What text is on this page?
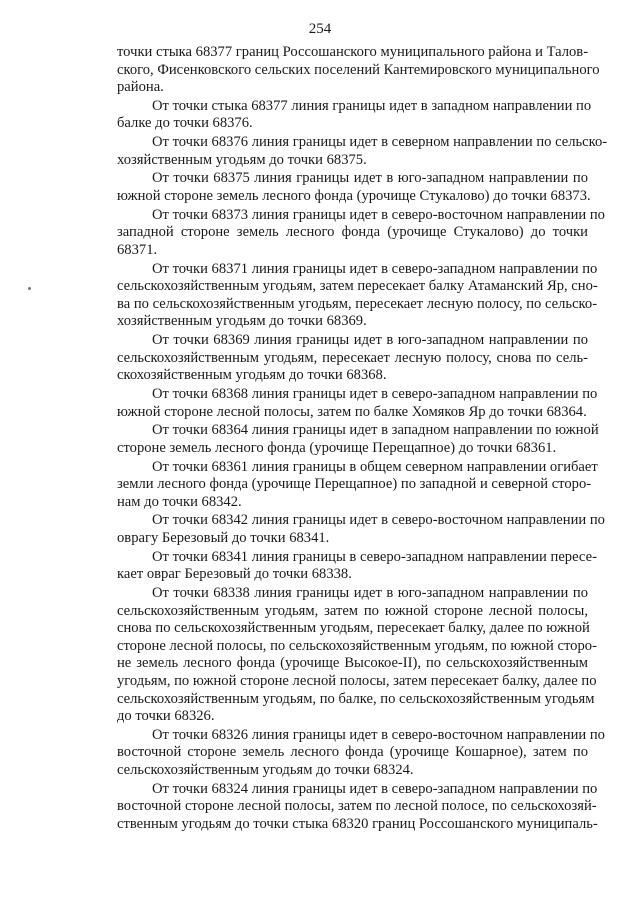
254

точки стыка 68377 границ Россошанского муниципального района и Талов-
ского, Фисенковского сельских поселений Кантемировского муниципального
района.

От точки стыка 68377 линия границы идет в западном направлении по
балке до точки 68376.

От точки 68376 линия границы идет в северном направлении по сельско-
хозяйственным угодьям до точки 68375.

От точки 68375 линия границы идет в юго-западном направлении по
южной стороне земель лесного фонда (урочище Стукалово) до точки 68373.

От точки 68373 линия границы идет в северо-восточном направлении по
западной стороне земель лесного фонда (урочище Стукалово) до точки
68371.

От точки 68371 линия границы идет в северо-западном направлении по
сельскохозяйственным угодьям, затем пересекает балку Атаманский Яр, сно-
ва по сельскохозяйственным угодьям, пересекает лесную полосу, по сельско-
хозяйственным угодьям до точки 68369.

От точки 68369 линия границы идет в юго-западном направлении по
сельскохозяйственным угодьям, пересекает лесную полосу, снова по сель-
скохозяйственным угодьям до точки 68368.

От точки 68368 линия границы идет в северо-западном направлении по
южной стороне лесной полосы, затем по балке Хомяков Яр до точки 68364.

От точки 68364 линия границы идет в западном направлении по южной
стороне земель лесного фонда (урочище Перещапное) до точки 68361.

От точки 68361 линия границы в общем северном направлении огибает
земли лесного фонда (урочище Перещапное) по западной и северной сторо-
нам до точки 68342.

От точки 68342 линия границы идет в северо-восточном направлении по
оврагу Березовый до точки 68341.

От точки 68341 линия границы в северо-западном направлении пересе-
кает овраг Березовый до точки 68338.

От точки 68338 линия границы идет в юго-западном направлении по
сельскохозяйственным угодьям, затем по южной стороне лесной полосы,
снова по сельскохозяйственным угодьям, пересекает балку, далее по южной
стороне лесной полосы, по сельскохозяйственным угодьям, по южной сторо-
не земель лесного фонда (урочище Высокое-II), по сельскохозяйственным
угодьям, по южной стороне лесной полосы, затем пересекает балку, далее по
сельскохозяйственным угодьям, по балке, по сельскохозяйственным угодьям
до точки 68326.

От точки 68326 линия границы идет в северо-восточном направлении по
восточной стороне земель лесного фонда (урочище Кошарное), затем по
сельскохозяйственным угодьям до точки 68324.

От точки 68324 линия границы идет в северо-западном направлении по
восточной стороне лесной полосы, затем по лесной полосе, по сельскохозяй-
ственным угодьям до точки стыка 68320 границ Россошанского муниципаль-
